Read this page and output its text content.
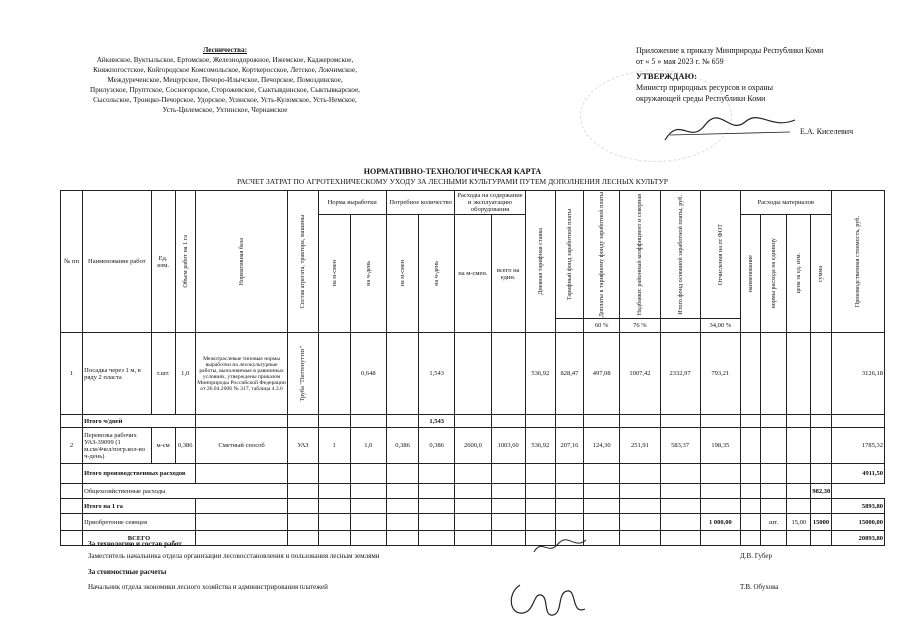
Лесничества:
Айкинское, Вуктыльское, Ертомское, Железнодорожное, Ижемское, Каджеромское,
Княжпогостское, Койгородское Комсомольское, Корткеросское, Летское, Локчимское,
Междуреченское, Мещурское, Печоро-Илычское, Печорское, Помоздинское,
Прилузское, Пруптское, Сосногорское, Сторожевское, Сыктывдинское, Сыктывкарское,
Сысольское, Троицко-Печорское, Удорское, Усинское, Усть-Куломское, Усть-Немское,
Усть-Цилемское, Ухтинское, Чернамское
Приложение к приказу Минприроды Республики Коми
от « 5 » мая 2023 г. № 659
УТВЕРЖДАЮ:
Министр природных ресурсов и охраны
окружающей среды Республики Коми
Е.А. Киселевич
НОРМАТИВНО-ТЕХНОЛОГИЧЕСКАЯ КАРТА
РАСЧЕТ ЗАТРАТ ПО АГРОТЕХНИЧЕСКОМУ УХОДУ ЗА ЛЕСНЫМИ КУЛЬТУРАМИ ПУТЕМ ДОПОЛНЕНИЯ ЛЕСНЫХ КУЛЬТУР
№ пп	Наименование работ	Ед. изм.	Объем работ на 1 га	Нормативная база	Состав агрегата, трактора, машины	Норма выработки		Потребное количество		Расходы на содержание и эксплуатацию оборудования		Дневная тарифная ставка	Тарифный фонд заработной платы	Доплаты к тарифному фонду заработной платы	Надбавки: районный коэффициент и северная	Итого фонд основной заработной платы, руб.	Отчисления на от ФОТ	Расходы материалов				Производственная стоимость, руб.

						на м-смен	на ч-день	на м-смен	на ч-день	на м-смен.	всего на един.							наименование	нормы расхода на единицу	цена за ед. изм.	сумма	

														60 %	76 %		34,00 %					
1	Посадка через 1 м, в ряду 2 пласта	т.шт.	1,0	Межотраслевые типовые нормы выработки на лесокультурные работы, выполняемые в равнинных условиях, утверждены приказом Минприроды Российской Федерации от 26.04.2006 № 317, таблица 4.3.6	Труба "Питтенуттиз"		0,648		1,543			536,92	828,47	497,08	1007,42	2332,97	793,21					3126,18
	Итого ч/дней								1,543													
2	Перевозка рабочих УАЗ-39099 (1 м.см/4чел/погр.кол-во ч-день)	м-см	0,386	Сметный способ	УАЗ	1	1,0	0,386	0,386	2600,0	1003,60	536,92	207,16	124,30	251,91	583,37	198,35					1785,32
	Итого производственных расходов																					4911,50
	Общехозяйственные расходы																				982,30	
	Итого на 1 га																					5893,80
	Приобретение сеянцев																1 000,00		шт.	15,00	15000	15000,00
	ВСЕГО																					20893,80
За технологию и состав работ
Заместитель начальника отдела организации лесовосстановления и пользования лесным землями	Д.В. Губер
За стоимостные расчеты
Начальник отдела экономики лесного хозяйства и администрирования платежей	Т.В. Обухова
